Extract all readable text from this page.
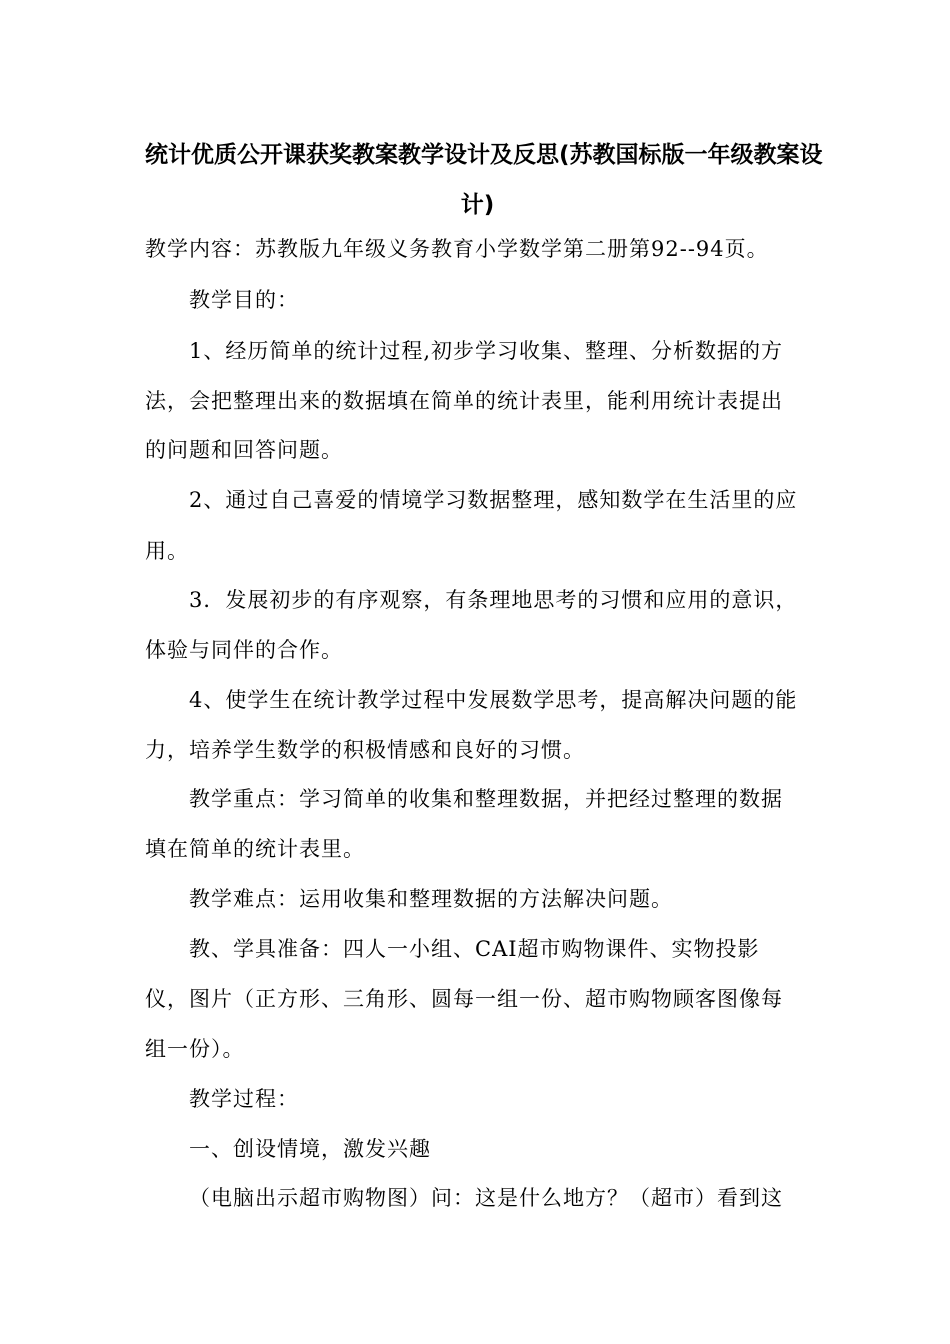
统计优质公开课获奖教案教学设计及反思(苏教国标版一年级教案设
计)
教学内容：苏教版九年级义务教育小学数学第二册第92--94页。
教学目的：
1、经历简单的统计过程,初步学习收集、整理、分析数据的方
法，会把整理出来的数据填在简单的统计表里，能利用统计表提出
的问题和回答问题。
2、通过自己喜爱的情境学习数据整理，感知数学在生活里的应
用。
3．发展初步的有序观察，有条理地思考的习惯和应用的意识，
体验与同伴的合作。
4、使学生在统计教学过程中发展数学思考，提高解决问题的能
力，培养学生数学的积极情感和良好的习惯。
教学重点：学习简单的收集和整理数据，并把经过整理的数据
填在简单的统计表里。
教学难点：运用收集和整理数据的方法解决问题。
教、学具准备：四人一小组、CAI超市购物课件、实物投影
仪，图片（正方形、三角形、圆每一组一份、超市购物顾客图像每
组一份）。
教学过程：
一、创设情境，激发兴趣
（电脑出示超市购物图）问：这是什么地方？（超市）看到这
